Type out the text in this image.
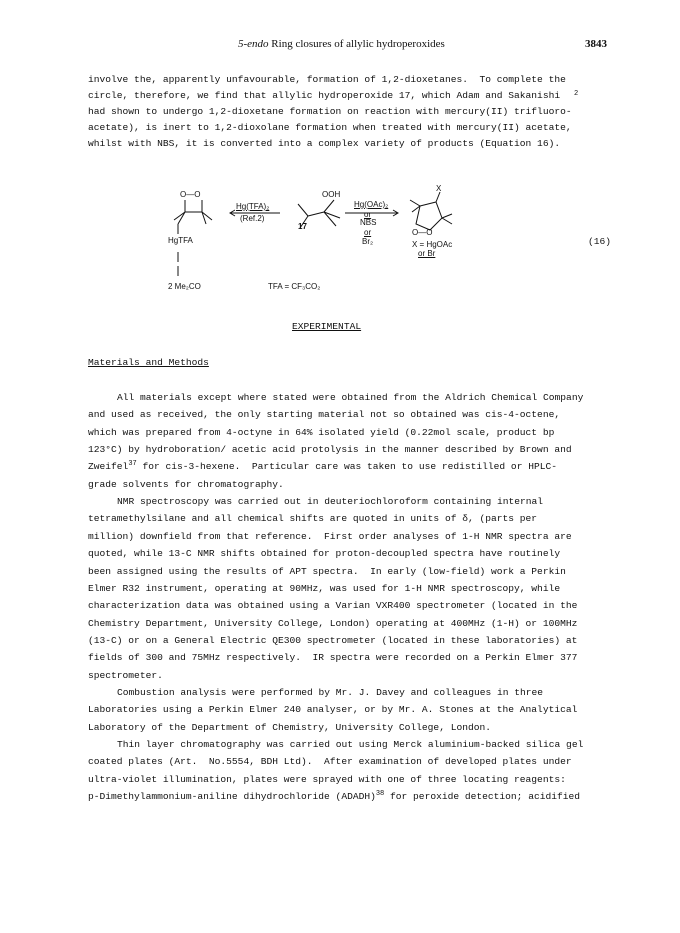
5-endo Ring closures of allylic hydroperoxides	3843
involve the, apparently unfavourable, formation of 1,2-dioxetanes.  To complete the
circle, therefore, we find that allylic hydroperoxide 17, which Adam and Sakanishi 2
had shown to undergo 1,2-dioxetane formation on reaction with mercury(II) trifluoro-
acetate), is inert to 1,2-dioxolane formation when treated with mercury(II) acetate,
whilst with NBS, it is converted into a complex variety of products (Equation 16).
O—O
Hg(TFA)₂
(Ref.2)
HgTFA
OOH
17
Hg(OAc)₂
or
NBS
or
Br₂
X
O—O
X = HgOAc
or Br
2 Me₂CO	TFA = CF₃CO₂
(16)
EXPERIMENTAL
Materials and Methods
All materials except where stated were obtained from the Aldrich Chemical Company
and used as received, the only starting material not so obtained was cis-4-octene,
which was prepared from 4-octyne in 64% isolated yield (0.22mol scale, product bp
123°C) by hydroboration/ acetic acid protolysis in the manner described by Brown and
Zweifel$^{37}$ for cis-3-hexene.  Particular care was taken to use redistilled or HPLC-
grade solvents for chromatography.
NMR spectroscopy was carried out in deuteriochloroform containing internal
tetramethylsilane and all chemical shifts are quoted in units of δ, (parts per
million) downfield from that reference.  First order analyses of 1-H NMR spectra are
quoted, while 13-C NMR shifts obtained for proton-decoupled spectra have routinely
been assigned using the results of APT spectra.  In early (low-field) work a Perkin
Elmer R32 instrument, operating at 90MHz, was used for 1-H NMR spectroscopy, while
characterization data was obtained using a Varian VXR400 spectrometer (located in the
Chemistry Department, University College, London) operating at 400MHz (1-H) or 100MHz
(13-C) or on a General Electric QE300 spectrometer (located in these laboratories) at
fields of 300 and 75MHz respectively.  IR spectra were recorded on a Perkin Elmer 377
spectrometer.
Combustion analysis were performed by Mr. J. Davey and colleagues in three
Laboratories using a Perkin Elmer 240 analyser, or by Mr. A. Stones at the Analytical
Laboratory of the Department of Chemistry, University College, London.
Thin layer chromatography was carried out using Merck aluminium-backed silica gel
coated plates (Art.  No.5554, BDH Ltd).  After examination of developed plates under
ultra-violet illumination, plates were sprayed with one of three locating reagents:
p-Dimethylammonium-aniline dihydrochloride (ADADH)$^{38}$ for peroxide detection; acidified
